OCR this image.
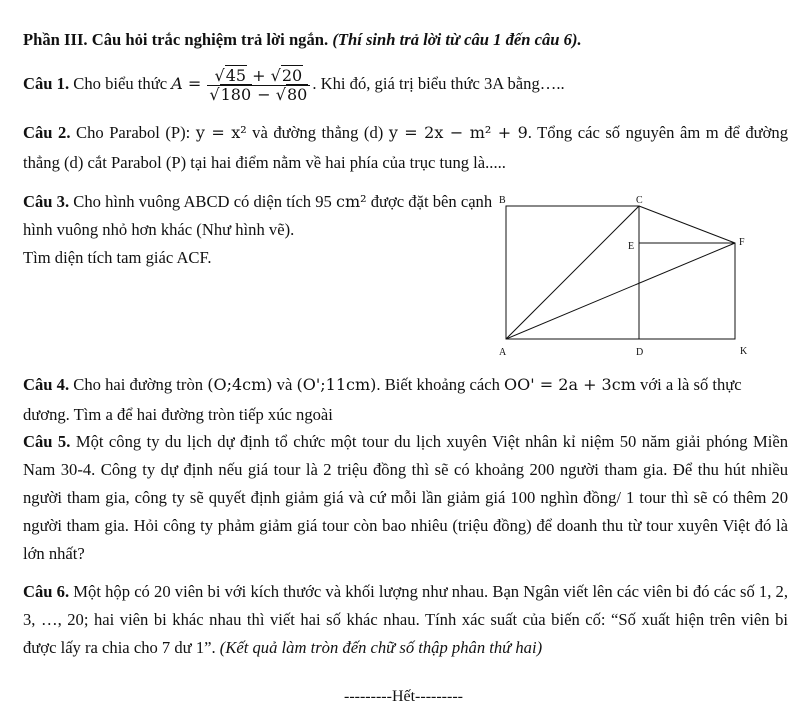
Phần III. Câu hỏi trắc nghiệm trả lời ngắn. (Thí sinh trả lời từ câu 1 đến câu 6).
Câu 1. Cho biểu thức $A = \frac{√45 + √20}{√180 - √80}$ . Khi đó, giá trị biểu thức 3A bằng…..
Câu 2. Cho Parabol (P): y = x² và đường thẳng (d) y = 2x − m² + 9. Tổng các số nguyên âm m để đường thẳng (d) cắt Parabol (P) tại hai điểm nằm về hai phía của trục tung là.....
Câu 3. Cho hình vuông ABCD có diện tích 95 cm² được đặt bên cạnh hình vuông nhỏ hơn khác (Như hình vẽ).
Tìm diện tích tam giác ACF.
B	C
E	F
A	D	K
Câu 4. Cho hai đường tròn (O;4cm) và (O';11cm). Biết khoảng cách OO' = 2a + 3cm với a là số thực dương. Tìm a để hai đường tròn tiếp xúc ngoài
Câu 5. Một công ty du lịch dự định tổ chức một tour du lịch xuyên Việt nhân kỉ niệm 50 năm giải phóng Miền Nam 30-4. Công ty dự định nếu giá tour là 2 triệu đồng thì sẽ có khoảng 200 người tham gia. Để thu hút nhiều người tham gia, công ty sẽ quyết định giảm giá và cứ mỗi lần giảm giá 100 nghìn đồng/ 1 tour thì sẽ có thêm 20 người tham gia. Hỏi công ty phảm giảm giá tour còn bao nhiêu (triệu đồng) để doanh thu từ tour xuyên Việt đó là lớn nhất?
Câu 6. Một hộp có 20 viên bi với kích thước và khối lượng như nhau. Bạn Ngân viết lên các viên bi đó các số 1, 2, 3, …, 20; hai viên bi khác nhau thì viết hai số khác nhau. Tính xác suất của biến cố: “Số xuất hiện trên viên bi được lấy ra chia cho 7 dư 1”. (Kết quả làm tròn đến chữ số thập phân thứ hai)
---------Hết---------
